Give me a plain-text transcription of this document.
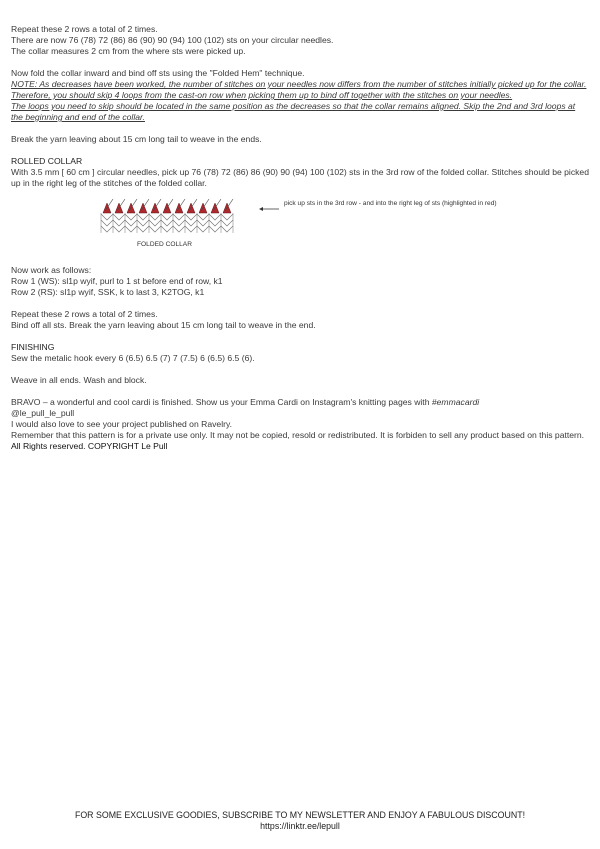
Repeat these 2 rows a total of 2 times.

There are now 76 (78) 72 (86) 86 (90) 90 (94) 100 (102) sts on your circular needles.

The collar measures 2 cm from the where sts were picked up.

Now fold the collar inward and bind off sts using the "Folded Hem" technique.

NOTE: As decreases have been worked, the number of stitches on your needles now differs from the number of stitches initially picked up for the collar. Therefore, you should skip 4 loops from the cast-on row when picking them up to bind off together with the stitches on your needles.

The loops you need to skip should be located in the same position as the decreases so that the collar remains aligned. Skip the 2nd and 3rd loops at the beginning and end of the collar.

Break the yarn leaving about 15 cm long tail to weave in the ends.

ROLLED COLLAR

With 3.5 mm [ 60 cm ] circular needles, pick up 76 (78) 72 (86) 86 (90) 90 (94) 100 (102) sts in the 3rd row of the folded collar. Stitches should be picked up in the right leg of the stitches of the folded collar.

pick up sts in the 3rd row - and into the right leg of sts (highlighted in red)
FOLDED COLLAR

Now work as follows:

Row 1 (WS): sl1p wyif, purl to 1 st before end of row, k1

Row 2 (RS): sl1p wyif, SSK, k to last 3, K2TOG, k1

Repeat these 2 rows a total of 2 times.

Bind off all sts. Break the yarn leaving about 15 cm long tail to weave in the end.

FINISHING

Sew the metalic hook every 6 (6.5) 6.5 (7) 7 (7.5) 6 (6.5) 6.5 (6).

Weave in all ends. Wash and block.

BRAVO – a wonderful and cool cardi is finished. Show us your Emma Cardi on Instagram's knitting pages with #emmacardi

@le_pull_le_pull

I would also love to see your project published on Ravelry.

Remember that this pattern is for a private use only. It may not be copied, resold or redistributed. It is forbiden to sell any product based on this pattern. All Rights reserved. COPYRIGHT Le Pull

FOR SOME EXCLUSIVE GOODIES, SUBSCRIBE TO MY NEWSLETTER AND ENJOY A FABULOUS DISCOUNT!
https://linktr.ee/lepull
